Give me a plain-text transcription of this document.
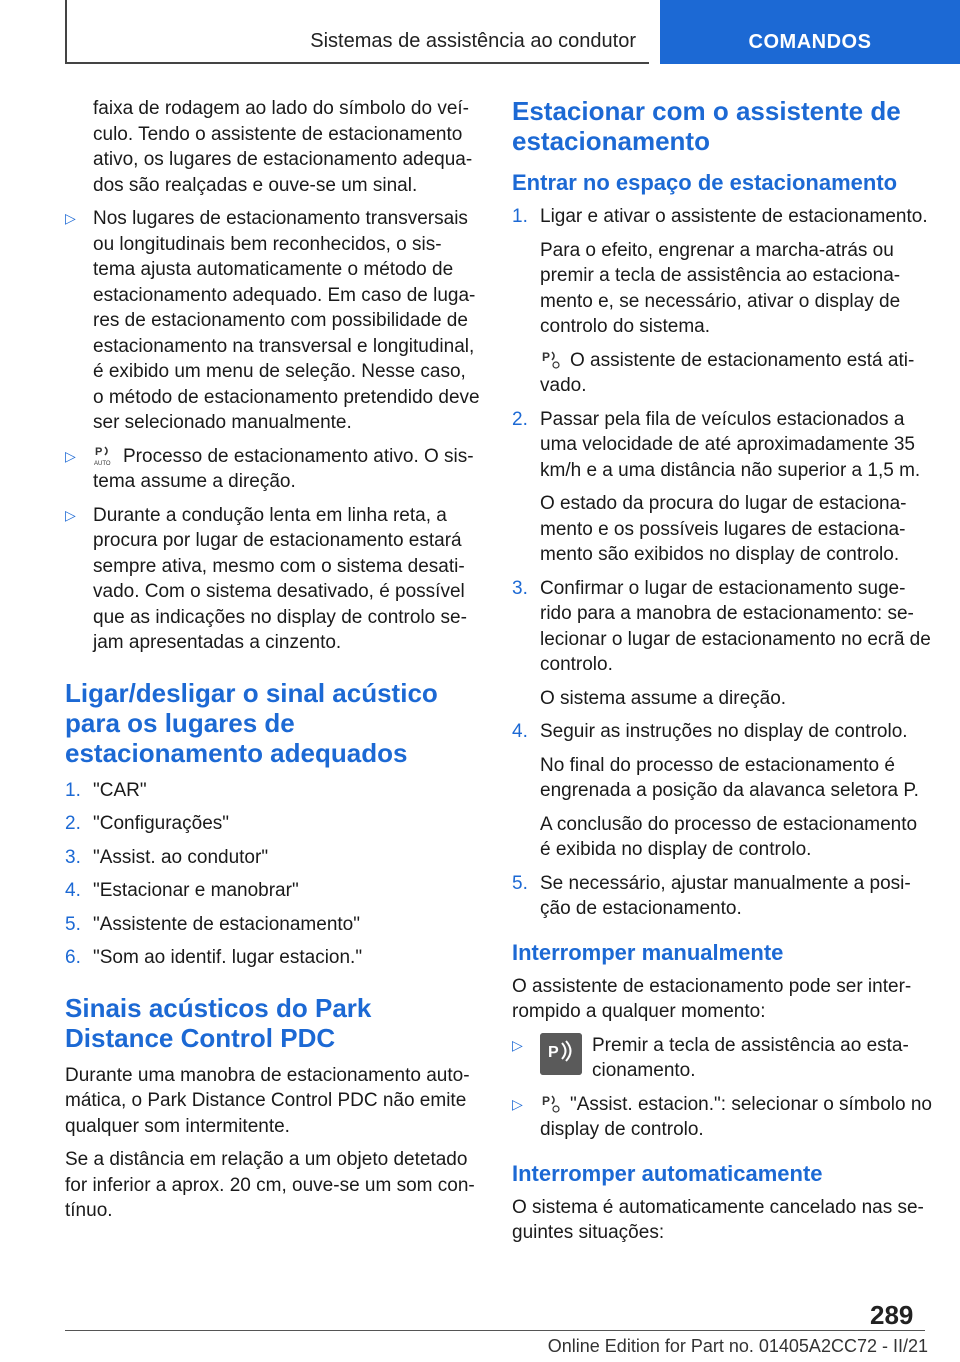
Sistemas de assistência ao condutor	COMANDOS

faixa de rodagem ao lado do símbolo do veí-culo. Tendo o assistente de estacionamento ativo, os lugares de estacionamento adequa-dos são realçadas e ouve-se um sinal.

▷ Nos lugares de estacionamento transversais ou longitudinais bem reconhecidos, o sis-tema ajusta automaticamente o método de estacionamento adequado. Em caso de luga-res de estacionamento com possibilidade de estacionamento na transversal e longitudinal, é exibido um menu de seleção. Nesse caso, o método de estacionamento pretendido deve ser selecionado manualmente.
▷ P
AUTO Processo de estacionamento ativo. O sis-tema assume a direção.
▷ Durante a condução lenta em linha reta, a procura por lugar de estacionamento estará sempre ativa, mesmo com o sistema desati-vado. Com o sistema desativado, é possível que as indicações no display de controlo se-jam apresentadas a cinzento.
Ligar/desligar o sinal acústico para os lugares de estacionamento adequados
1. "CAR"
2. "Configurações"
3. "Assist. ao condutor"
4. "Estacionar e manobrar"
5. "Assistente de estacionamento"
6. "Som ao identif. lugar estacion."
Sinais acústicos do Park Distance Control PDC

Durante uma manobra de estacionamento auto-mática, o Park Distance Control PDC não emite qualquer som intermitente.

Se a distância em relação a um objeto detetado for inferior a aprox. 20 cm, ouve-se um som con-tínuo.

Estacionar com o assistente de estacionamento
Entrar no espaço de estacionamento
1. Ligar e ativar o assistente de estacionamento.

Para o efeito, engrenar a marcha-atrás ou premir a tecla de assistência ao estaciona-mento e, se necessário, ativar o display de controlo do sistema.

P O assistente de estacionamento está ati-vado.

2. Passar pela fila de veículos estacionados a uma velocidade de até aproximadamente 35 km/h e a uma distância não superior a 1,5 m.

O estado da procura do lugar de estaciona-mento e os possíveis lugares de estaciona-mento são exibidos no display de controlo.

3. Confirmar o lugar de estacionamento suge-rido para a manobra de estacionamento: se-lecionar o lugar de estacionamento no ecrã de controlo.

O sistema assume a direção.

4. Seguir as instruções no display de controlo.

No final do processo de estacionamento é engrenada a posição da alavanca seletora P.

A conclusão do processo de estacionamento é exibida no display de controlo.

5. Se necessário, ajustar manualmente a posi-ção de estacionamento.
Interromper manualmente

O assistente de estacionamento pode ser inter-rompido a qualquer momento:

▷ P Premir a tecla de assistência ao esta-cionamento.
▷ P "Assist. estacion.": selecionar o símbolo no display de controlo.
Interromper automaticamente

O sistema é automaticamente cancelado nas se-guintes situações:

289
Online Edition for Part no. 01405A2CC72 - II/21
